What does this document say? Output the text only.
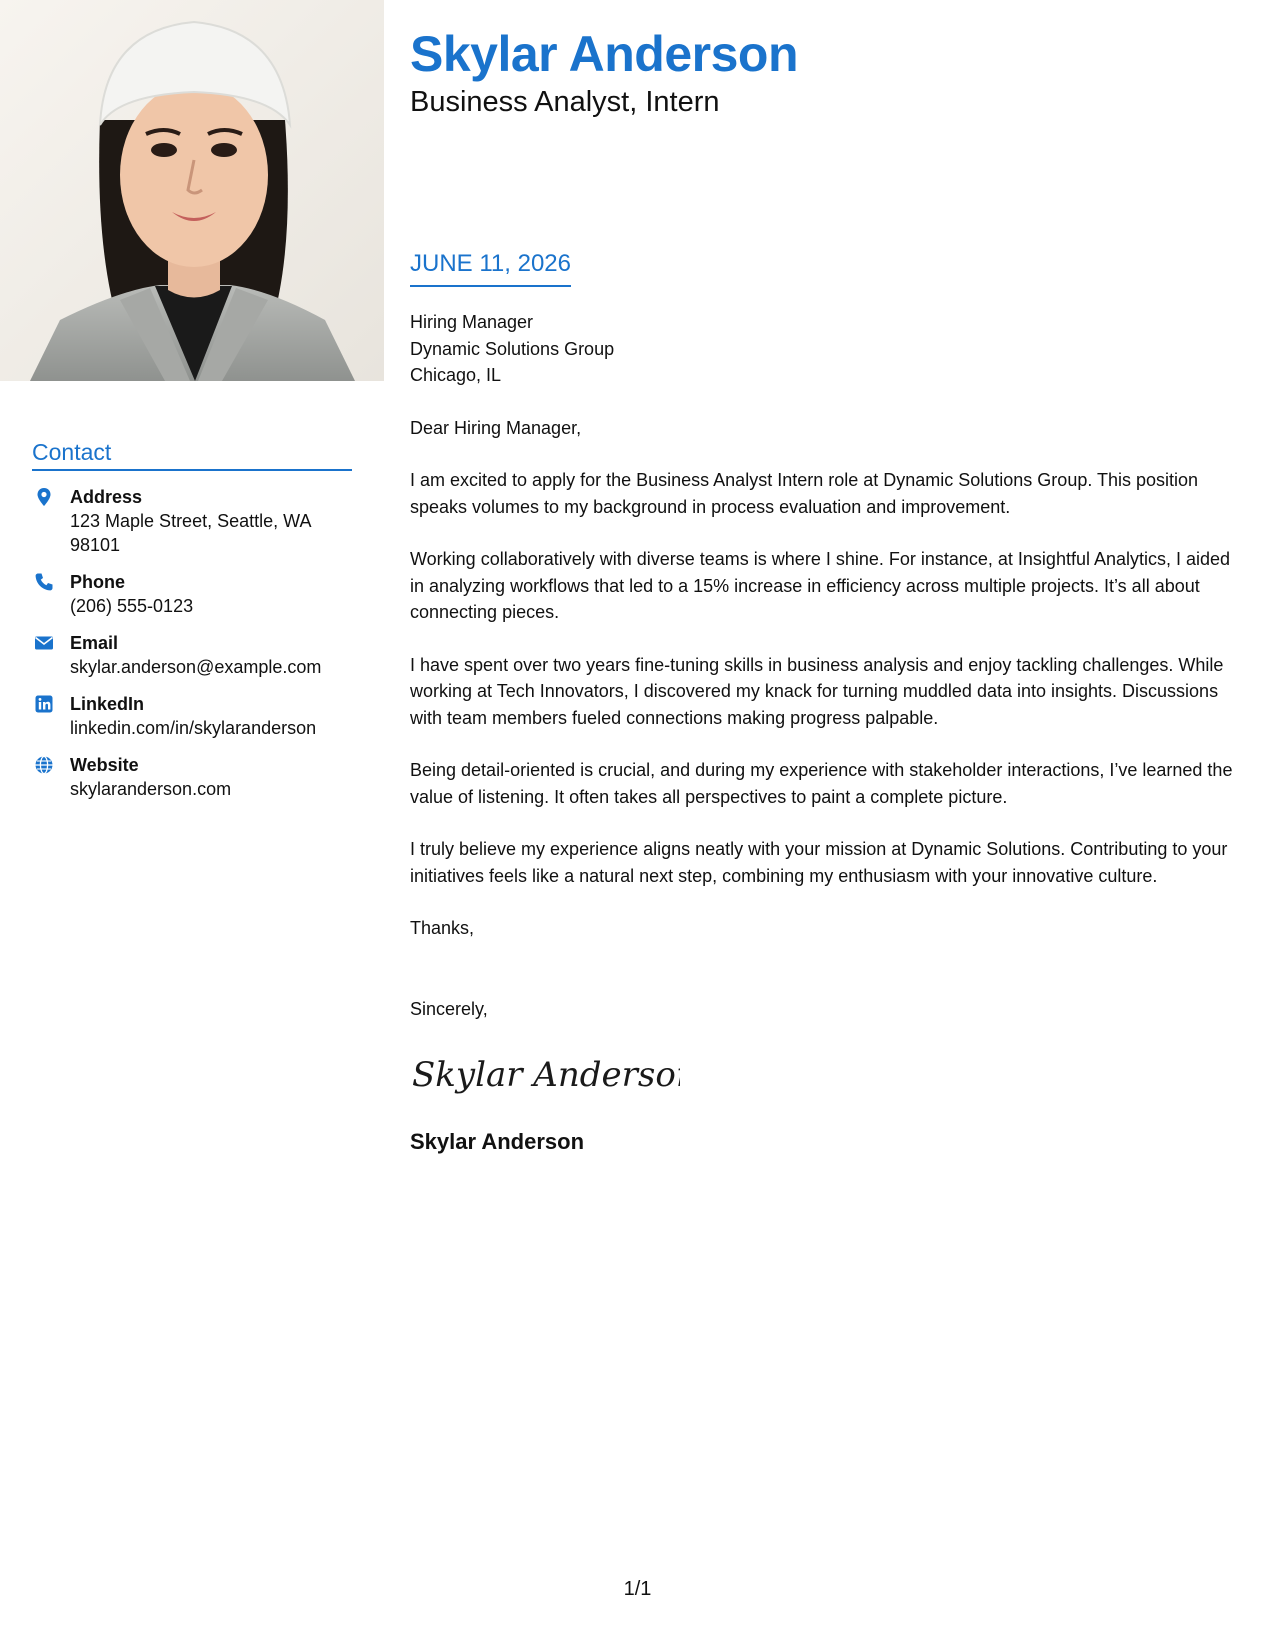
Contact
Address
123 Maple Street, Seattle, WA 98101
Phone
(206) 555-0123
Email
skylar.anderson@example.com
LinkedIn
linkedin.com/in/skylaranderson
Website
skylaranderson.com
Skylar Anderson
Business Analyst, Intern
JUNE 11, 2026

Hiring Manager

Dynamic Solutions Group

Chicago, IL

Dear Hiring Manager,

I am excited to apply for the Business Analyst Intern role at Dynamic Solutions Group. This position speaks volumes to my background in process evaluation and improvement.

Working collaboratively with diverse teams is where I shine. For instance, at Insightful Analytics, I aided in analyzing workflows that led to a 15% increase in efficiency across multiple projects. It’s all about connecting pieces.

I have spent over two years fine-tuning skills in business analysis and enjoy tackling challenges. While working at Tech Innovators, I discovered my knack for turning muddled data into insights. Discussions with team members fueled connections making progress palpable.

Being detail-oriented is crucial, and during my experience with stakeholder interactions, I’ve learned the value of listening. It often takes all perspectives to paint a complete picture.

I truly believe my experience aligns neatly with your mission at Dynamic Solutions. Contributing to your initiatives feels like a natural next step, combining my enthusiasm with your innovative culture.

Thanks,

Sincerely,

Skylar Anderson

Skylar Anderson

1/1
